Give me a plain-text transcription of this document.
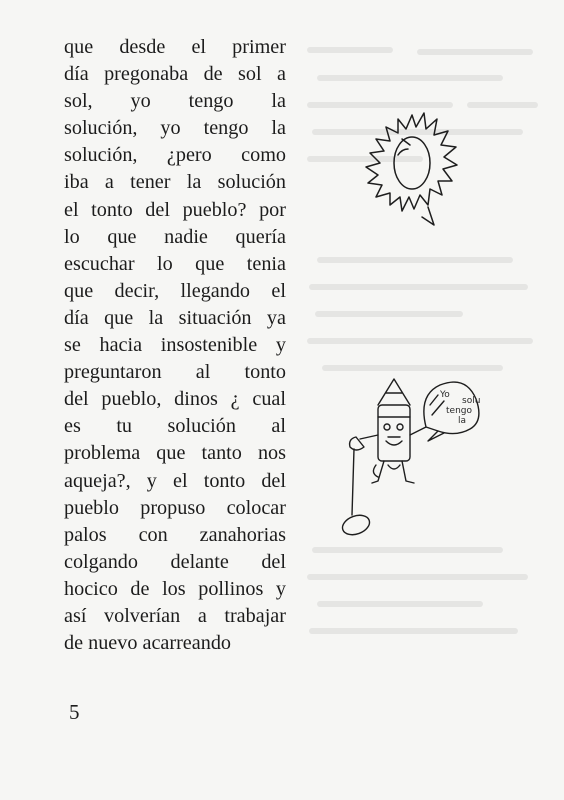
que desde el primer
día pregonaba de sol a
sol, yo tengo la
solución, yo tengo la
solución, ¿pero como
iba a tener la solución
el tonto del pueblo? por
lo que nadie quería
escuchar lo que tenia
que decir, llegando el
día que la situación ya
se hacia insostenible y
preguntaron al tonto
del pueblo, dinos ¿ cual
es tu solución al
problema que tanto nos
aqueja?, y el tonto del
pueblo propuso colocar
palos con zanahorias
colgando delante del
hocico de los pollinos y
así volverían a trabajar
de nuevo acarreando
Yo
tengo
solu
la
5
